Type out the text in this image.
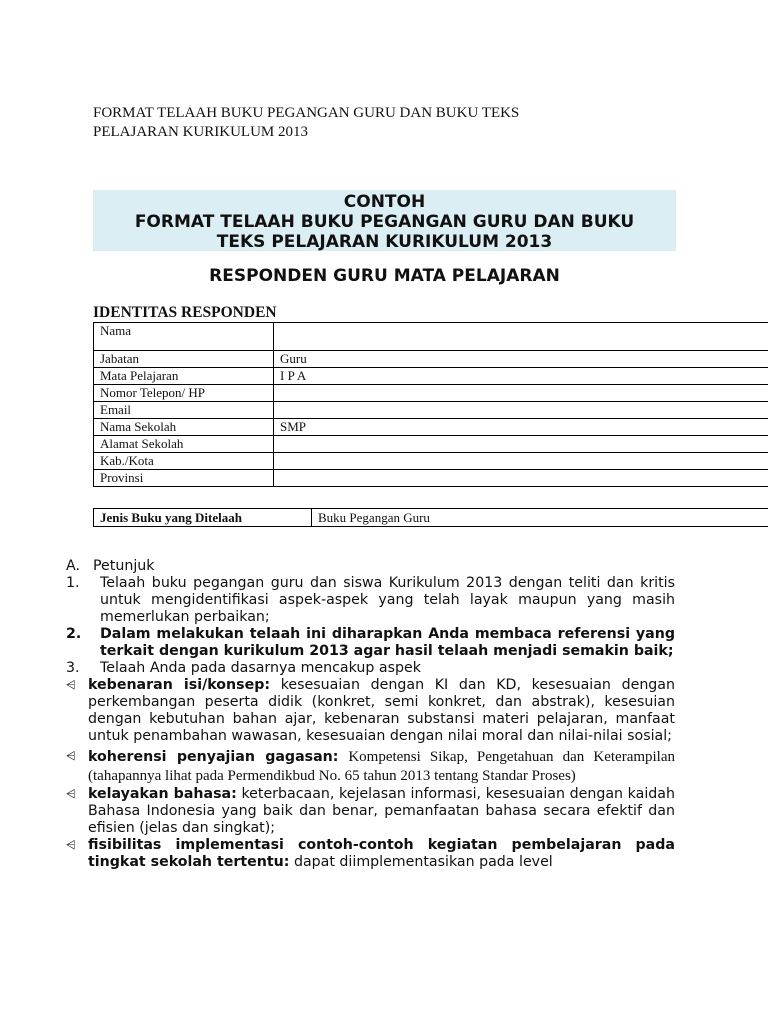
FORMAT TELAAH BUKU PEGANGAN GURU DAN BUKU TEKS
PELAJARAN KURIKULUM 2013
CONTOH
FORMAT TELAAH BUKU PEGANGAN GURU DAN BUKU
TEKS PELAJARAN KURIKULUM 2013
RESPONDEN GURU MATA PELAJARAN
IDENTITAS RESPONDEN
Nama	
Jabatan	Guru
Mata Pelajaran	I P A
Nomor Telepon/ HP	
Email	
Nama Sekolah	SMP
Alamat Sekolah	
Kab./Kota	
Provinsi	
Jenis Buku yang Ditelaah	Buku Pegangan Guru
A. Petunjuk
1.	Telaah buku pegangan guru dan siswa Kurikulum 2013 dengan teliti dan kritis untuk mengidentifikasi aspek-aspek yang telah layak maupun yang masih memerlukan perbaikan;
2.	Dalam melakukan telaah ini diharapkan Anda membaca referensi yang terkait dengan kurikulum 2013 agar hasil telaah menjadi semakin baik;
3.	Telaah Anda pada dasarnya mencakup aspek
⩤ kebenaran isi/konsep: kesesuaian dengan KI dan KD, kesesuaian dengan perkembangan peserta didik (konkret, semi konkret, dan abstrak), kesesuian dengan kebutuhan bahan ajar, kebenaran substansi materi pelajaran, manfaat untuk penambahan wawasan, kesesuaian dengan nilai moral dan nilai-nilai sosial;
⩤ koherensi penyajian gagasan: Kompetensi Sikap, Pengetahuan dan Keterampilan (tahapannya lihat pada Permendikbud No. 65 tahun 2013 tentang Standar Proses)
⩤ kelayakan bahasa: keterbacaan, kejelasan informasi, kesesuaian dengan kaidah Bahasa Indonesia yang baik dan benar, pemanfaatan bahasa secara efektif dan efisien (jelas dan singkat);
⩤ fisibilitas implementasi contoh-contoh kegiatan pembelajaran pada tingkat sekolah tertentu: dapat diimplementasikan pada level
